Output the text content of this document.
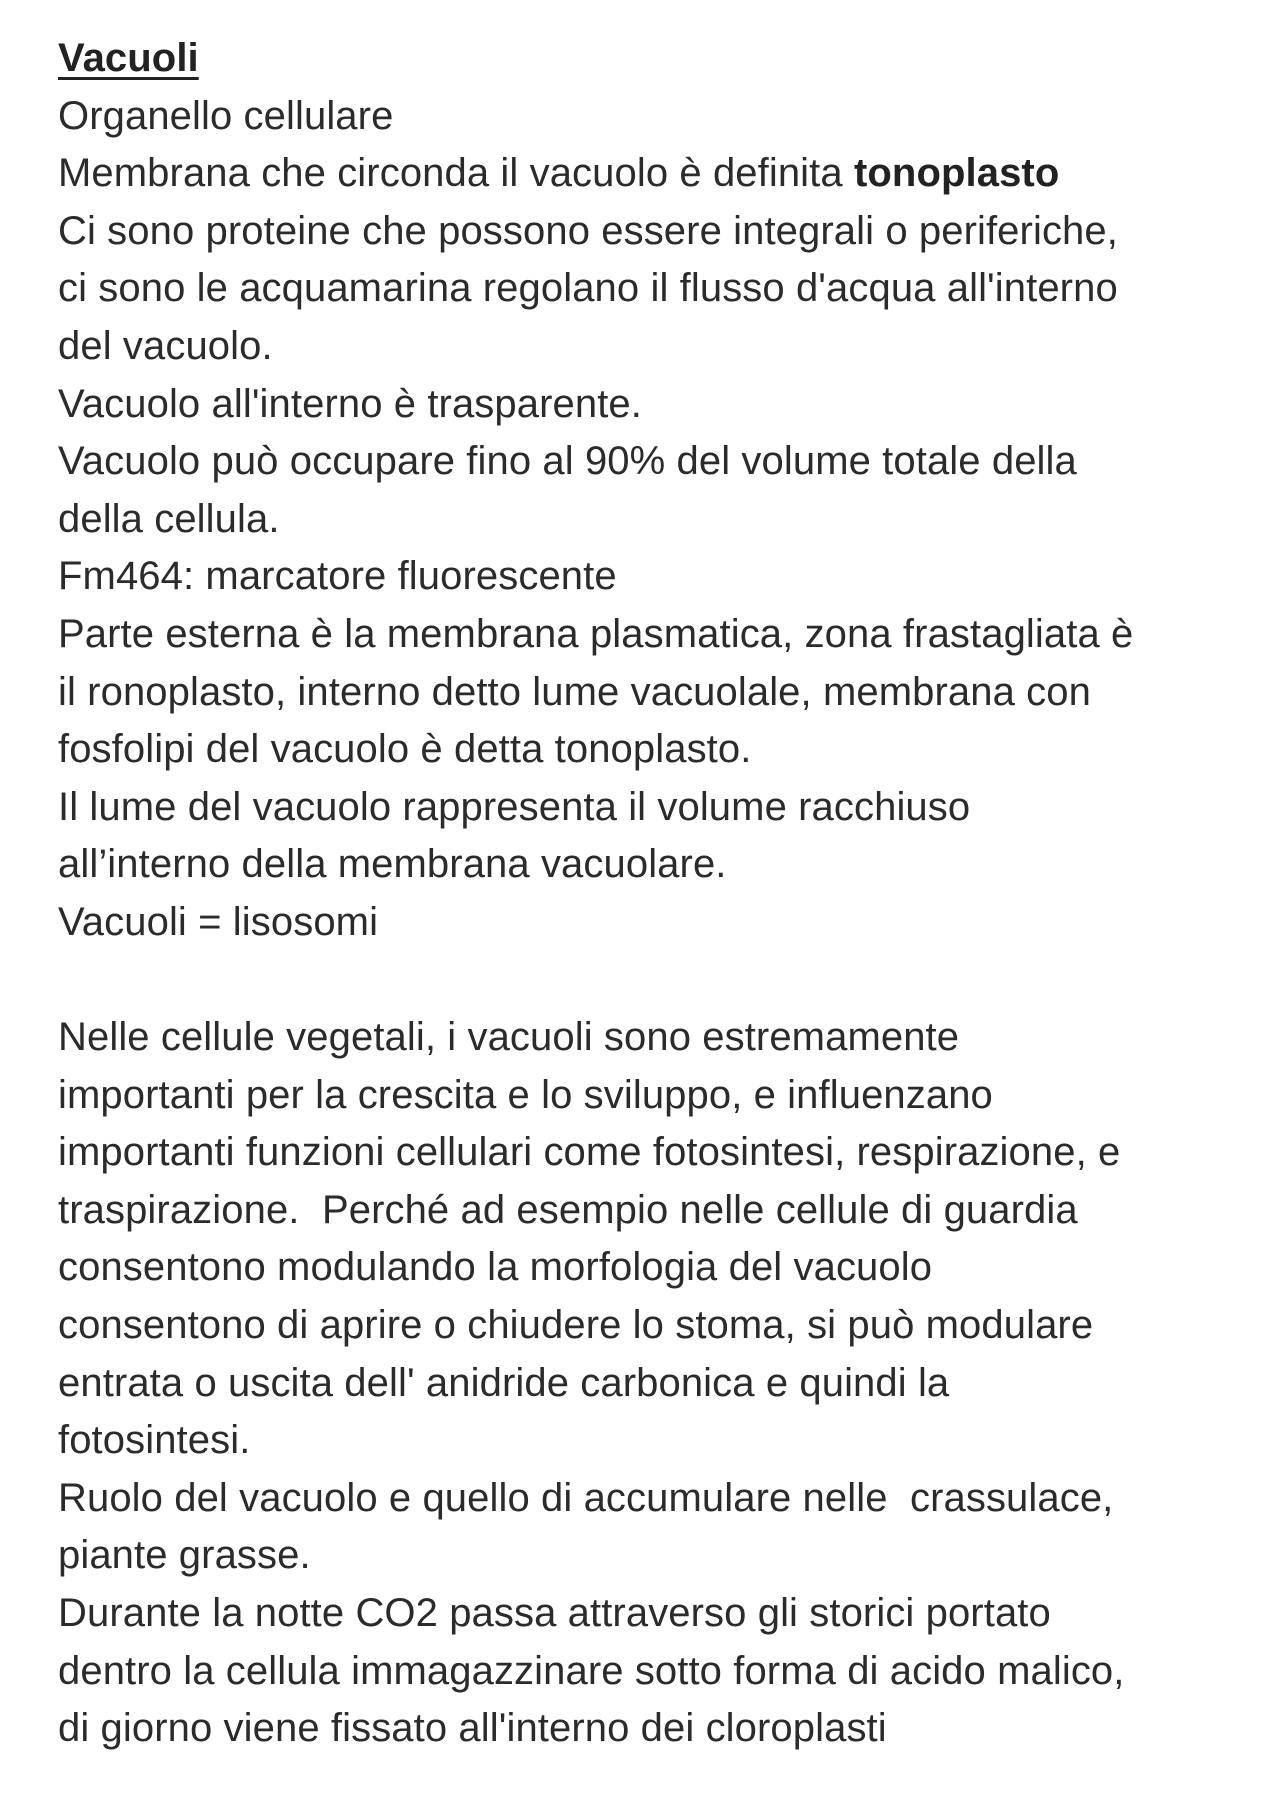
Vacuoli
Organello cellulare
Membrana che circonda il vacuolo è definita tonoplasto
Ci sono proteine che possono essere integrali o periferiche,
ci sono le acquamarina regolano il flusso d'acqua all'interno
del vacuolo.
Vacuolo all'interno è trasparente.
Vacuolo può occupare fino al 90% del volume totale della
della cellula.
Fm464: marcatore fluorescente
Parte esterna è la membrana plasmatica, zona frastagliata è
il ronoplasto, interno detto lume vacuolale, membrana con
fosfolipi del vacuolo è detta tonoplasto.
Il lume del vacuolo rappresenta il volume racchiuso
all’interno della membrana vacuolare.
Vacuoli = lisosomi
Nelle cellule vegetali, i vacuoli sono estremamente
importanti per la crescita e lo sviluppo, e influenzano
importanti funzioni cellulari come fotosintesi, respirazione, e
traspirazione.  Perché ad esempio nelle cellule di guardia
consentono modulando la morfologia del vacuolo
consentono di aprire o chiudere lo stoma, si può modulare
entrata o uscita dell' anidride carbonica e quindi la
fotosintesi.
Ruolo del vacuolo e quello di accumulare nelle  crassulace,
piante grasse.
Durante la notte CO2 passa attraverso gli storici portato
dentro la cellula immagazzinare sotto forma di acido malico,
di giorno viene fissato all'interno dei cloroplasti
